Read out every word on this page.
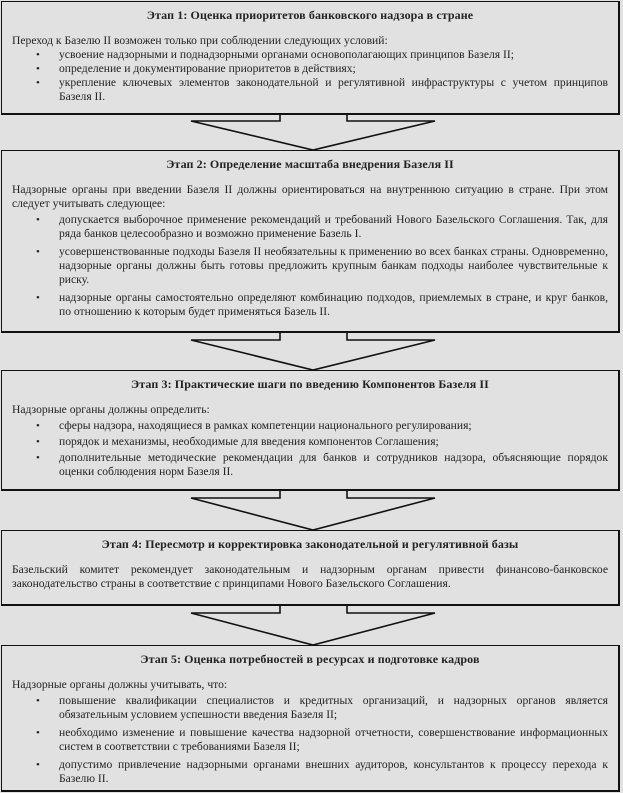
Этап 1: Оценка приоритетов банковского надзора в стране

Переход к Базелю II возможен только при соблюдении следующих условий:

• усвоение надзорными и поднадзорными органами основополагающих принципов Базеля II;
• определение и документирование приоритетов в действиях;
• укрепление ключевых элементов законодательной и регулятивной инфраструктуры с учетом принципов Базеля II.
Этап 2: Определение масштаба внедрения Базеля II

Надзорные органы при введении Базеля II должны ориентироваться на внутреннюю ситуацию в стране. При этом следует учитывать следующее:

• допускается выборочное применение рекомендаций и требований Нового Базельского Соглашения. Так, для ряда банков целесообразно и возможно применение Базель I.
• усовершенствованные подходы Базеля II необязательны к применению во всех банках страны. Одновременно, надзорные органы должны быть готовы предложить крупным банкам подходы наиболее чувствительные к риску.
• надзорные органы самостоятельно определяют комбинацию подходов, приемлемых в стране, и круг банков, по отношению к которым будет применяться Базель II.
Этап 3: Практические шаги по введению Компонентов Базеля II

Надзорные органы должны определить:

• сферы надзора, находящиеся в рамках компетенции национального регулирования;
• порядок и механизмы, необходимые для введения компонентов Соглашения;
• дополнительные методические рекомендации для банков и сотрудников надзора, объясняющие порядок оценки соблюдения норм Базеля II.
Этап 4: Пересмотр и корректировка законодательной и регулятивной базы

Базельский комитет рекомендует законодательным и надзорным органам привести финансово-банковское законодательство страны в соответствие с принципами Нового Базельского Соглашения.

Этап 5: Оценка потребностей в ресурсах и подготовке кадров

Надзорные органы должны учитывать, что:

• повышение квалификации специалистов и кредитных организаций, и надзорных органов является обязательным условием успешности введения Базеля II;
• необходимо изменение и повышение качества надзорной отчетности, совершенствование информационных систем в соответствии с требованиями Базеля II;
• допустимо привлечение надзорными органами внешних аудиторов, консультантов к процессу перехода к Базелю II.
